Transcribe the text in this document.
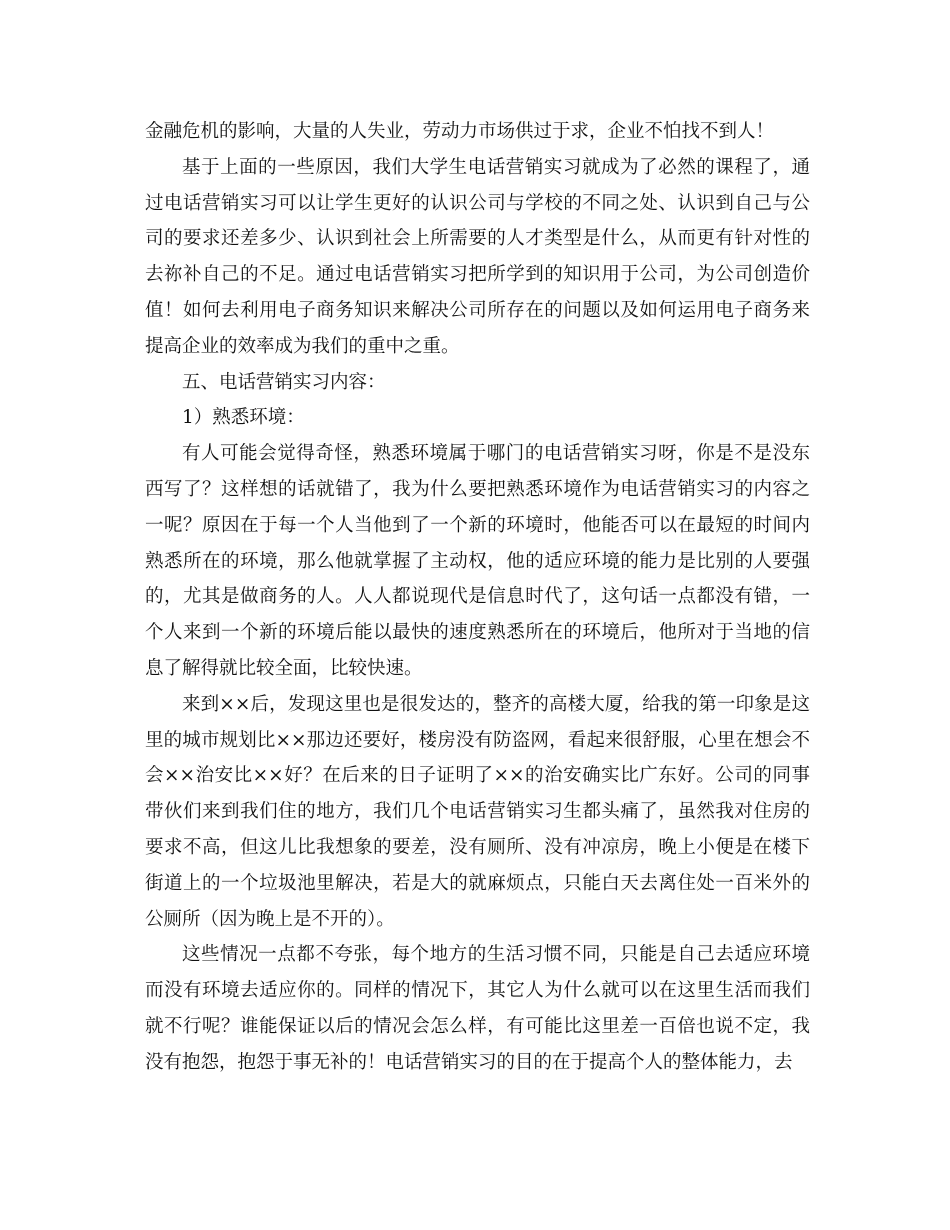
金融危机的影响，大量的人失业，劳动力市场供过于求，企业不怕找不到人！

基于上面的一些原因，我们大学生电话营销实习就成为了必然的课程了，通过电话营销实习可以让学生更好的认识公司与学校的不同之处、认识到自己与公司的要求还差多少、认识到社会上所需要的人才类型是什么，从而更有针对性的去祢补自己的不足。通过电话营销实习把所学到的知识用于公司，为公司创造价值！如何去利用电子商务知识来解决公司所存在的问题以及如何运用电子商务来提高企业的效率成为我们的重中之重。

五、电话营销实习内容：

1）熟悉环境：

有人可能会觉得奇怪，熟悉环境属于哪门的电话营销实习呀，你是不是没东西写了？这样想的话就错了，我为什么要把熟悉环境作为电话营销实习的内容之一呢？原因在于每一个人当他到了一个新的环境时，他能否可以在最短的时间内熟悉所在的环境，那么他就掌握了主动权，他的适应环境的能力是比别的人要强的，尤其是做商务的人。人人都说现代是信息时代了，这句话一点都没有错，一个人来到一个新的环境后能以最快的速度熟悉所在的环境后，他所对于当地的信息了解得就比较全面，比较快速。

来到××后，发现这里也是很发达的，整齐的高楼大厦，给我的第一印象是这里的城市规划比××那边还要好，楼房没有防盗网，看起来很舒服，心里在想会不会××治安比××好？在后来的日子证明了××的治安确实比广东好。公司的同事带伙们来到我们住的地方，我们几个电话营销实习生都头痛了，虽然我对住房的要求不高，但这儿比我想象的要差，没有厕所、没有冲凉房，晚上小便是在楼下街道上的一个垃圾池里解决，若是大的就麻烦点，只能白天去离住处一百米外的公厕所（因为晚上是不开的）。

这些情况一点都不夸张，每个地方的生活习惯不同，只能是自己去适应环境而没有环境去适应你的。同样的情况下，其它人为什么就可以在这里生活而我们就不行呢？谁能保证以后的情况会怎么样，有可能比这里差一百倍也说不定，我没有抱怨，抱怨于事无补的！电话营销实习的目的在于提高个人的整体能力，去
